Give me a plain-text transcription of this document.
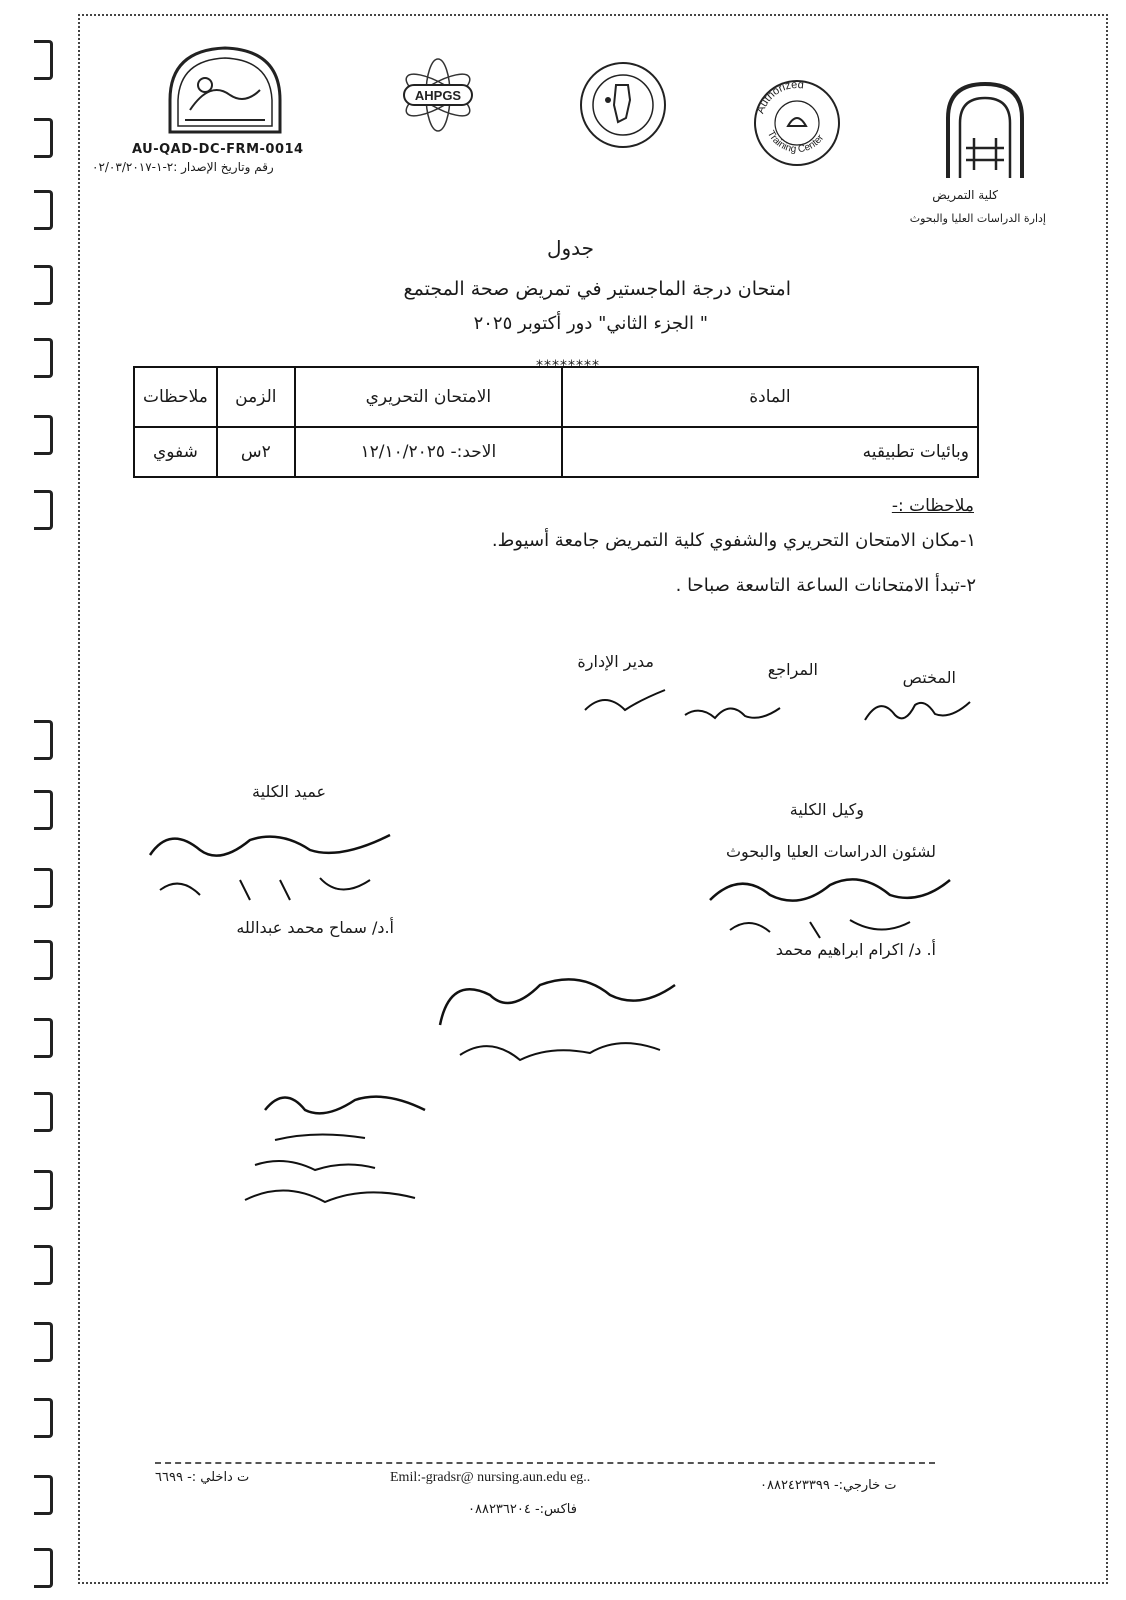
AHPGS
Authorized
Training Center
AU-QAD-DC-FRM-0014
رقم وتاريخ الإصدار :٢-١-٠٢/٠٣/٢٠١٧
كلية التمريض
إدارة الدراسات العليا والبحوث
جدول
امتحان درجة الماجستير في تمريض صحة المجتمع
" الجزء الثاني" دور أكتوبر ٢٠٢٥
********
المادة	الامتحان التحريري	الزمن	ملاحظات
وبائيات تطبيقيه	الاحد:- ١٢/١٠/٢٠٢٥	٢س	شفوي
ملاحظات :-
١-مكان الامتحان التحريري والشفوي كلية التمريض جامعة أسيوط.
٢-تبدأ الامتحانات الساعة التاسعة صباحا .
المختص
المراجع
مدير الإدارة
عميد الكلية
وكيل الكلية
لشئون الدراسات العليا والبحوث
أ.د/ سماح محمد عبدالله
أ. د/ اكرام ابراهيم محمد
ت داخلي :- ٦٦٩٩	Emil:-gradsr@ nursing.aun.edu eg..
ت خارجي:- ٠٨٨٢٤٢٣٣٩٩
فاكس:- ٠٨٨٢٣٦٢٠٤
